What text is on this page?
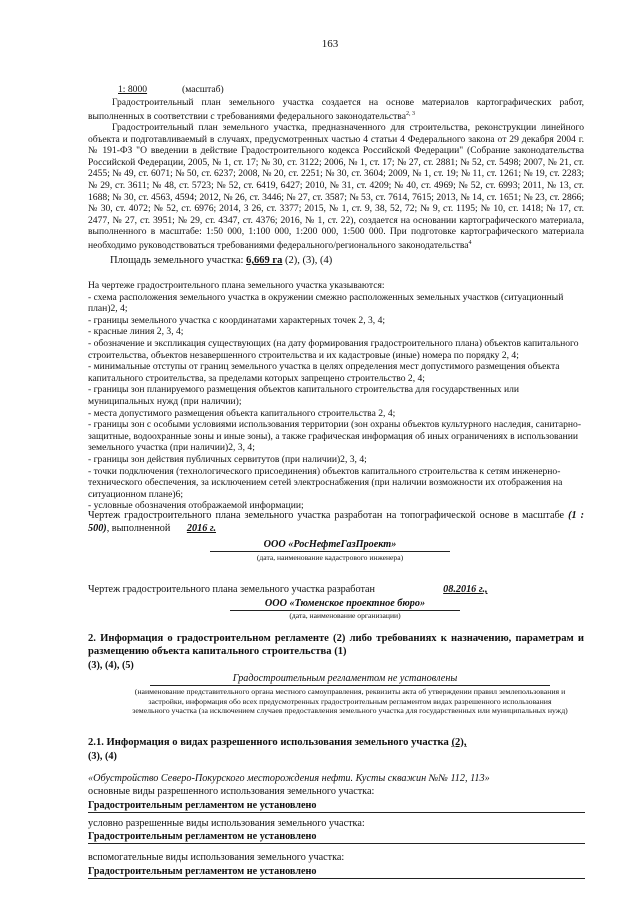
163
1: 8000	(масштаб)
Градостроительный план земельного участка создается на основе материалов картографических работ, выполненных в соответствии с требованиями федерального законодательства$^{2, 3}$
Градостроительный план земельного участка, предназначенного для строительства, реконструкции линейного объекта и подготавливаемый в случаях, предусмотренных частью 4 статьи 4 Федерального закона от 29 декабря 2004 г. № 191-ФЗ "О введении в действие Градостроительного кодекса Российской Федерации" (Собрание законодательства Российской Федерации, 2005, № 1, ст. 17; № 30, ст. 3122; 2006, № 1, ст. 17; № 27, ст. 2881; № 52, ст. 5498; 2007, № 21, ст. 2455; № 49, ст. 6071; № 50, ст. 6237; 2008, № 20, ст. 2251; № 30, ст. 3604; 2009, № 1, ст. 19; № 11, ст. 1261; № 19, ст. 2283; № 29, ст. 3611; № 48, ст. 5723; № 52, ст. 6419, 6427; 2010, № 31, ст. 4209; № 40, ст. 4969; № 52, ст. 6993; 2011, № 13, ст. 1688; № 30, ст. 4563, 4594; 2012, № 26, ст. 3446; № 27, ст. 3587; № 53, ст. 7614, 7615; 2013, № 14, ст. 1651; № 23, ст. 2866; № 30, ст. 4072; № 52, ст. 6976; 2014, 3 26, ст. 3377; 2015, № 1, ст. 9, 38, 52, 72; № 9, ст. 1195; № 10, ст. 1418; № 17, ст. 2477, № 27, ст. 3951; № 29, ст. 4347, ст. 4376; 2016, № 1, ст. 22), создается на основании картографического материала, выполненного в масштабе: 1:50 000, 1:100 000, 1:200 000, 1:500 000. При подготовке картографического материала необходимо руководствоваться требованиями федерального/регионального законодательства$^4$
Площадь земельного участка: 6,669 га (2), (3), (4)
На чертеже градостроительного плана земельного участка указываются:
- схема расположения земельного участка в окружении смежно расположенных земельных участков (ситуационный план)2, 4;
- границы земельного участка с координатами характерных точек 2, 3, 4;
- красные линия 2, 3, 4;
- обозначение и экспликация существующих (на дату формирования градостроительного плана) объектов капитального строительства, объектов незавершенного строительства и их кадастровые (иные) номера по порядку 2, 4;
- минимальные отступы от границ земельного участка в целях определения мест допустимого размещения объекта капитального строительства, за пределами которых запрещено строительство 2, 4;
- границы зон планируемого размещения объектов капитального строительства для государственных или муниципальных нужд (при наличии);
- места допустимого размещения объекта капитального строительства 2, 4;
- границы зон с особыми условиями использования территории (зон охраны объектов культурного наследия, санитарно-защитные, водоохранные зоны и иные зоны), а также графическая информация об иных ограничениях в использовании земельного участка (при наличии)2, 3, 4;
- границы зон действия публичных сервитутов (при наличии)2, 3, 4;
- точки подключения (технологического присоединения) объектов капитального строительства к сетям инженерно-технического обеспечения, за исключением сетей электроснабжения (при наличии возможности их отображения на ситуационном плане)6;
- условные обозначения отображаемой информации;
Чертеж градостроительного плана земельного участка разработан на топографической основе в масштабе (1 : 500), выполненной 2016 г.
ООО «РосНефтеГазПроект»
(дата, наименование кадастрового инженера)
Чертеж градостроительного плана земельного участка разработан	08.2016 г.,
ООО «Тюменское проектное бюро»
(дата, наименование организации)
2. Информация о градостроительном регламенте (2) либо требованиях к назначению, параметрам и размещению объекта капитального строительства (1)
(3), (4), (5)
Градостроительным регламентом не установлены
(наименование представительного органа местного самоуправления, реквизиты акта об утверждении правил землепользования и застройки, информация обо всех предусмотренных градостроительным регламентом видах разрешенного использования земельного участка (за исключением случаев предоставления земельного участка для государственных или муниципальных нужд)
2.1. Информация о видах разрешенного использования земельного участка (2),
(3), (4)
«Обустройство Северо-Покурского месторождения нефти. Кусты скважин №№ 112, 113»
основные виды разрешенного использования земельного участка:
Градостроительным регламентом не установлено
условно разрешенные виды использования земельного участка:
Градостроительным регламентом не установлено
вспомогательные виды использования земельного участка:
Градостроительным регламентом не установлено
